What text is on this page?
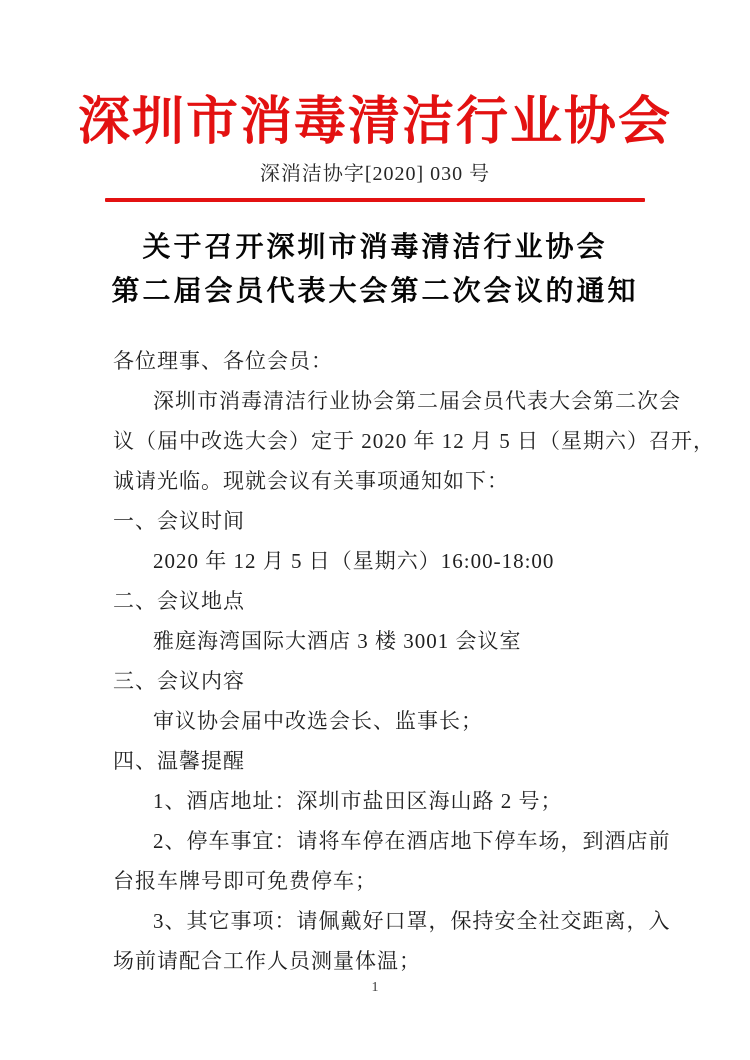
深圳市消毒清洁行业协会
深消洁协字[2020] 030 号
关于召开深圳市消毒清洁行业协会
第二届会员代表大会第二次会议的通知
各位理事、各位会员：
深圳市消毒清洁行业协会第二届会员代表大会第二次会
议（届中改选大会）定于 2020 年 12 月 5 日（星期六）召开，
诚请光临。现就会议有关事项通知如下：
一、会议时间
2020 年 12 月 5 日（星期六）16:00-18:00
二、会议地点
雅庭海湾国际大酒店 3 楼 3001 会议室
三、会议内容
审议协会届中改选会长、监事长；
四、温馨提醒
1、酒店地址：深圳市盐田区海山路 2 号；
2、停车事宜：请将车停在酒店地下停车场，到酒店前
台报车牌号即可免费停车；
3、其它事项：请佩戴好口罩，保持安全社交距离，入
场前请配合工作人员测量体温；
1
